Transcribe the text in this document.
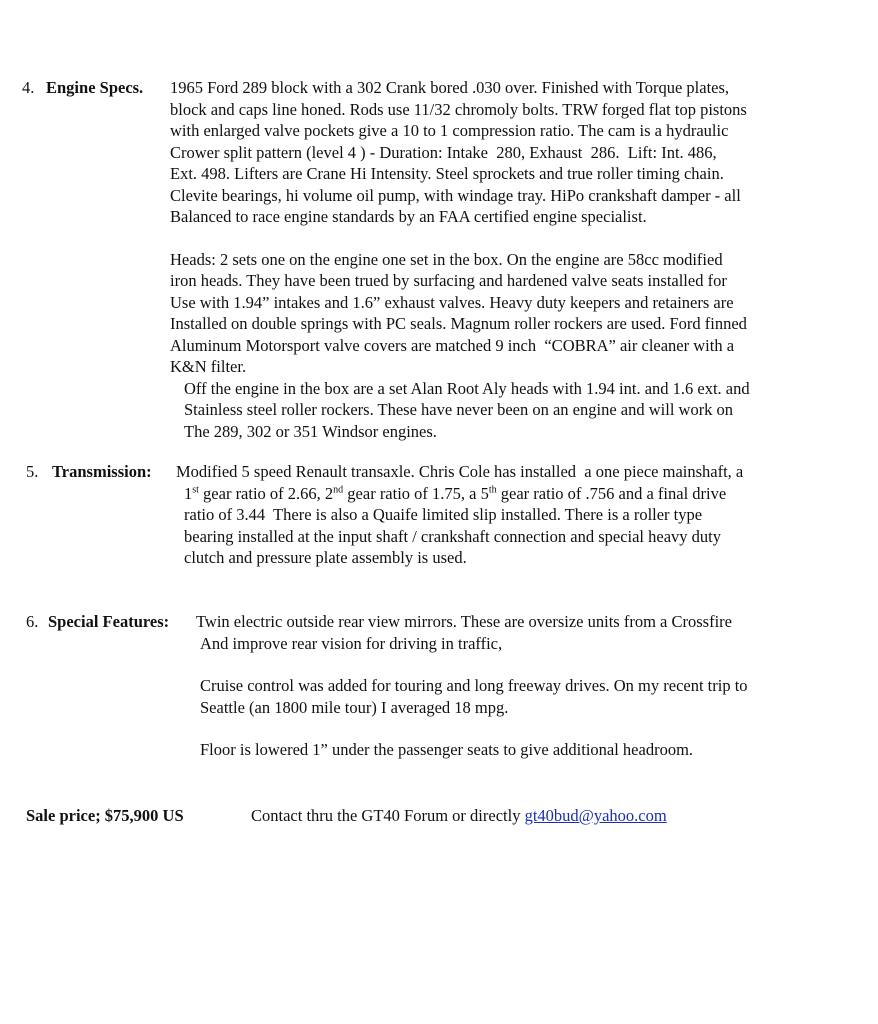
4. Engine Specs. 1965 Ford 289 block with a 302 Crank bored .030 over. Finished with Torque plates,

block and caps line honed. Rods use 11/32 chromoly bolts. TRW forged flat top pistons

with enlarged valve pockets give a 10 to 1 compression ratio. The cam is a hydraulic

Crower split pattern (level 4 ) - Duration: Intake  280, Exhaust  286.  Lift: Int. 486,

Ext. 498. Lifters are Crane Hi Intensity. Steel sprockets and true roller timing chain.

Clevite bearings, hi volume oil pump, with windage tray. HiPo crankshaft damper - all

Balanced to race engine standards by an FAA certified engine specialist.

Heads: 2 sets one on the engine one set in the box. On the engine are 58cc modified

iron heads. They have been trued by surfacing and hardened valve seats installed for

Use with 1.94” intakes and 1.6” exhaust valves. Heavy duty keepers and retainers are

Installed on double springs with PC seals. Magnum roller rockers are used. Ford finned

Aluminum Motorsport valve covers are matched 9 inch  “COBRA” air cleaner with a

K&N filter.

Off the engine in the box are a set Alan Root Aly heads with 1.94 int. and 1.6 ext. and

Stainless steel roller rockers. These have never been on an engine and will work on

The 289, 302 or 351 Windsor engines.

5. Transmission: Modified 5 speed Renault transaxle. Chris Cole has installed  a one piece mainshaft, a

1st gear ratio of 2.66, 2nd gear ratio of 1.75, a 5th gear ratio of .756 and a final drive

ratio of 3.44  There is also a Quaife limited slip installed. There is a roller type

bearing installed at the input shaft / crankshaft connection and special heavy duty

clutch and pressure plate assembly is used.

6. Special Features: Twin electric outside rear view mirrors. These are oversize units from a Crossfire

And improve rear vision for driving in traffic,

Cruise control was added for touring and long freeway drives. On my recent trip to

Seattle (an 1800 mile tour) I averaged 18 mpg.

Floor is lowered 1” under the passenger seats to give additional headroom.

Sale price; $75,900 US	Contact thru the GT40 Forum or directly gt40bud@yahoo.com
